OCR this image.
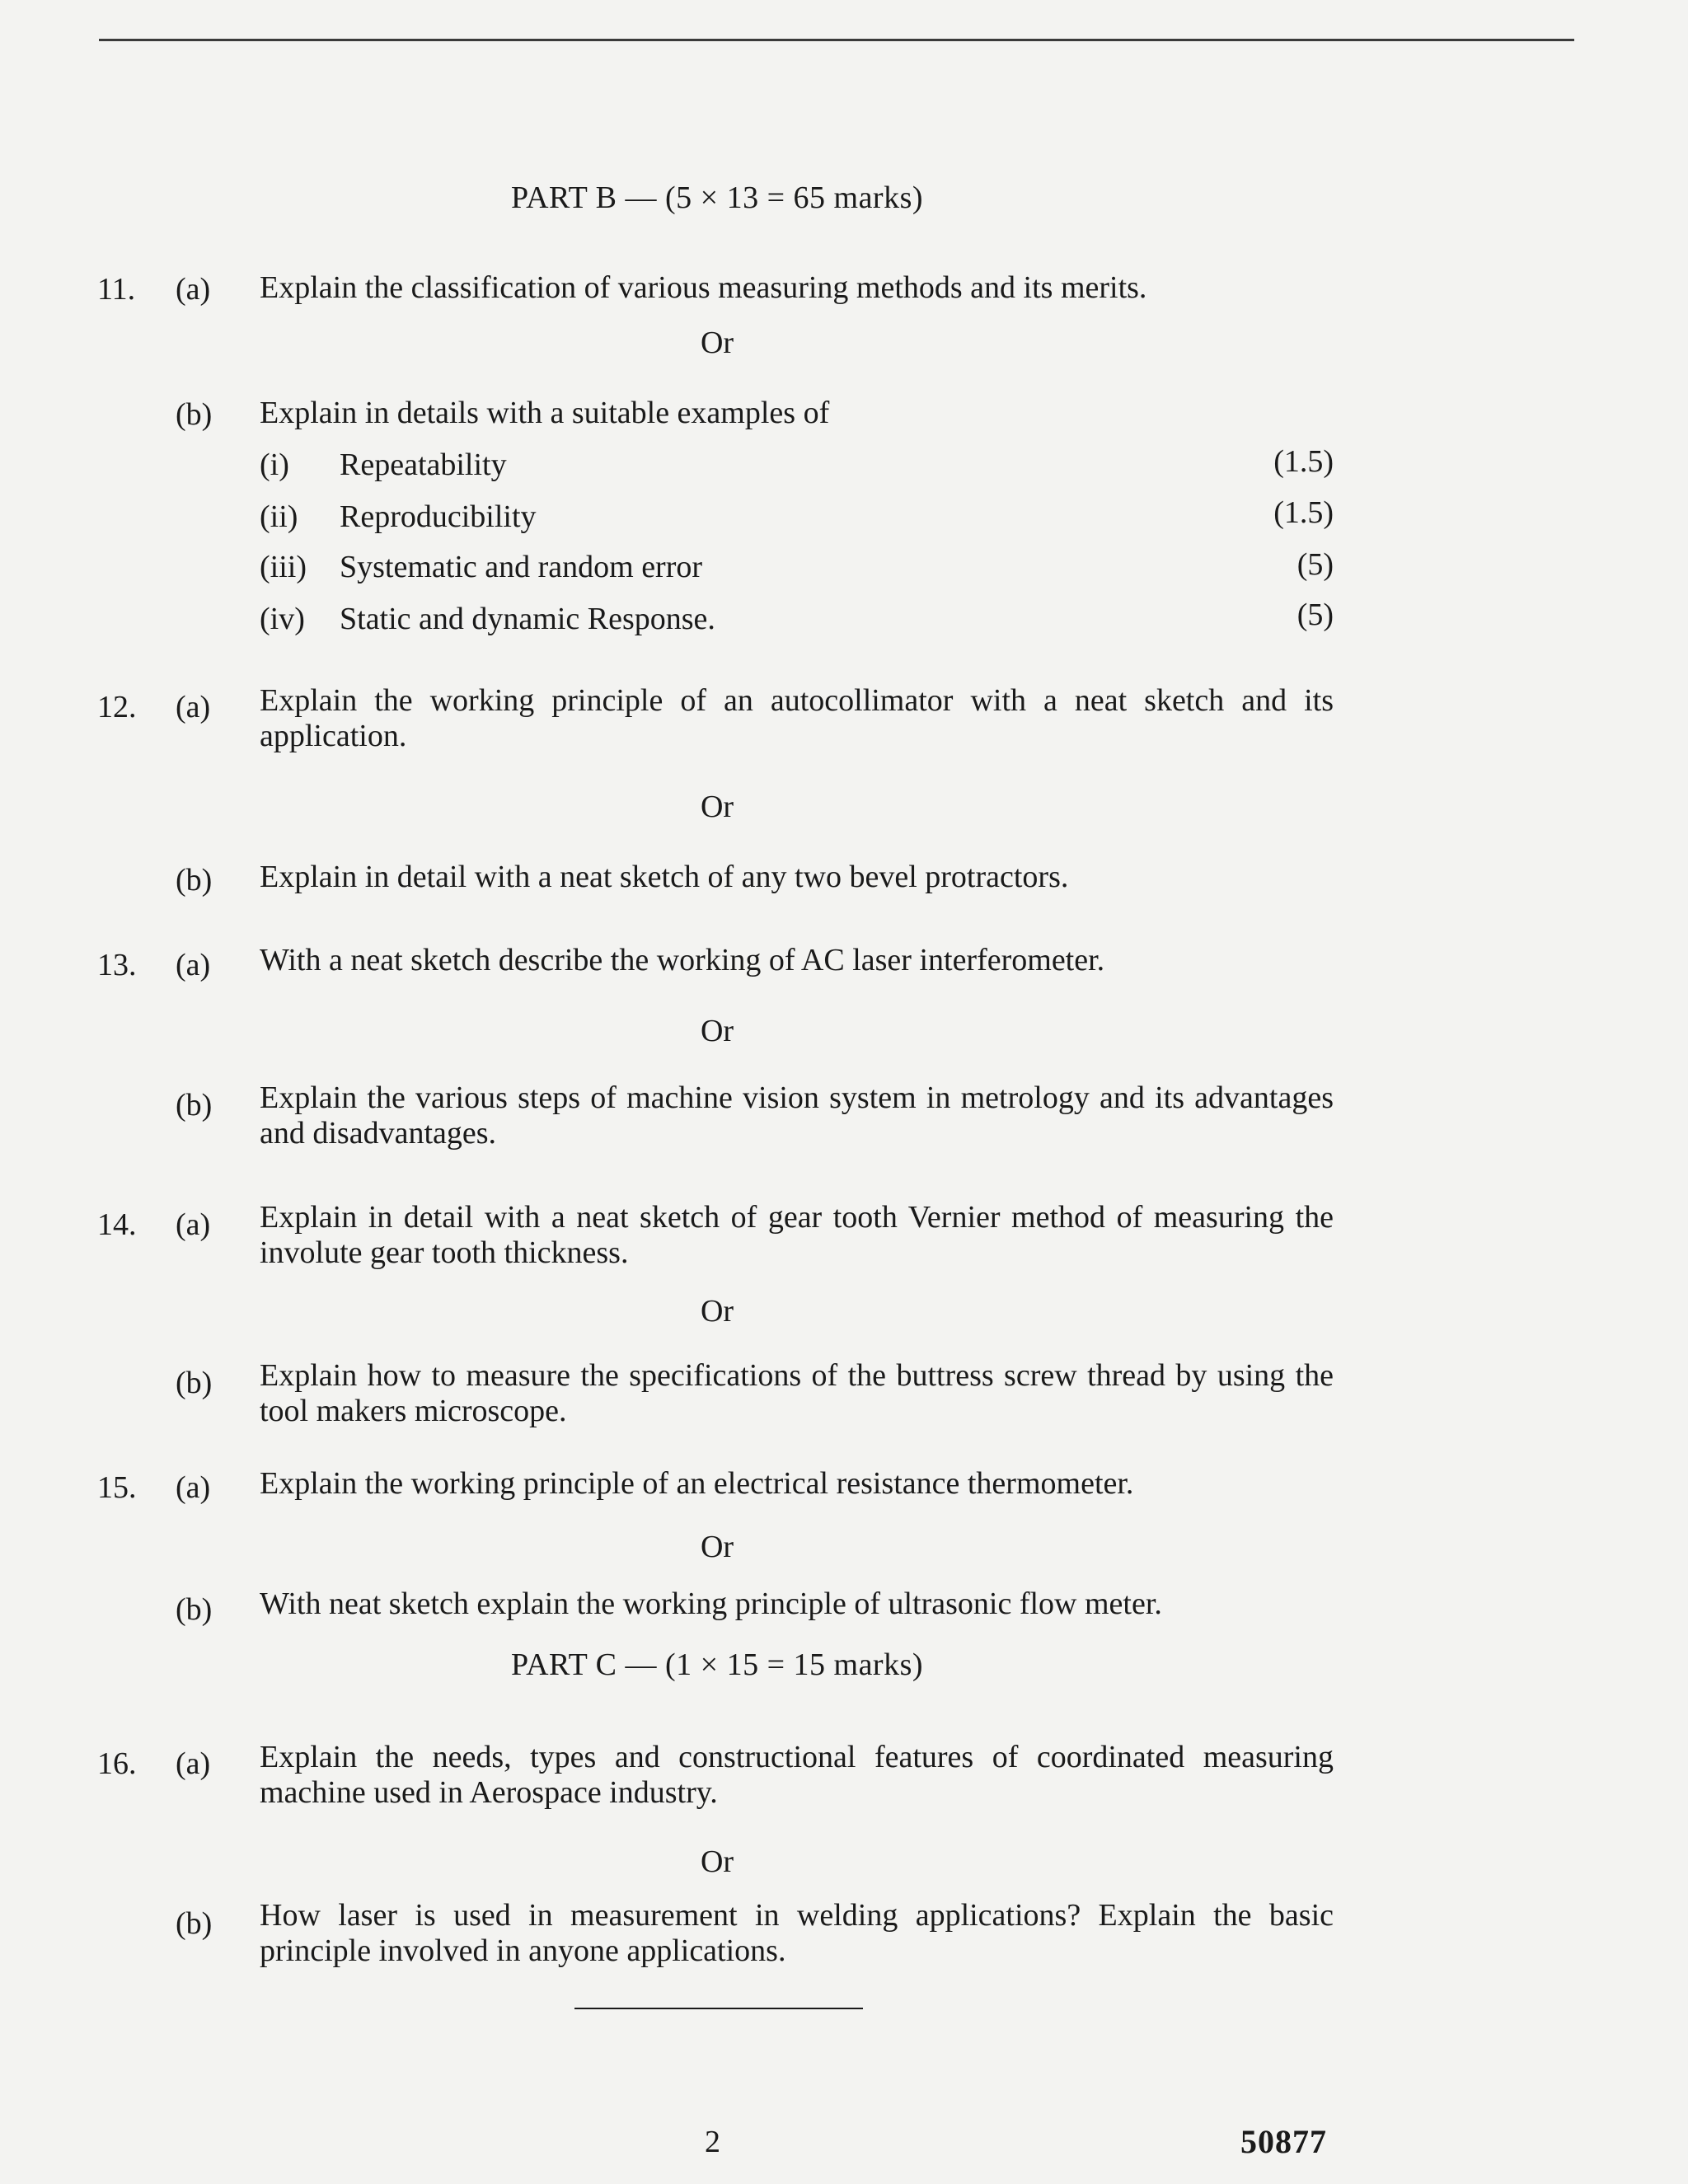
PART B — (5 × 13 = 65 marks)
11. (a) Explain the classification of various measuring methods and its merits.
Or
(b) Explain in details with a suitable examples of
(i) Repeatability	(1.5)
(ii) Reproducibility	(1.5)
(iii) Systematic and random error	(5)
(iv) Static and dynamic Response.	(5)
12. (a) Explain the working principle of an autocollimator with a neat sketch and its application.
Or
(b) Explain in detail with a neat sketch of any two bevel protractors.
13. (a) With a neat sketch describe the working of AC laser interferometer.
Or
(b) Explain the various steps of machine vision system in metrology and its advantages and disadvantages.
14. (a) Explain in detail with a neat sketch of gear tooth Vernier method of measuring the involute gear tooth thickness.
Or
(b) Explain how to measure the specifications of the buttress screw thread by using the tool makers microscope.
15. (a) Explain the working principle of an electrical resistance thermometer.
Or
(b) With neat sketch explain the working principle of ultrasonic flow meter.
PART C — (1 × 15 = 15 marks)
16. (a) Explain the needs, types and constructional features of coordinated measuring machine used in Aerospace industry.
Or
(b) How laser is used in measurement in welding applications? Explain the basic principle involved in anyone applications.
2	50877
